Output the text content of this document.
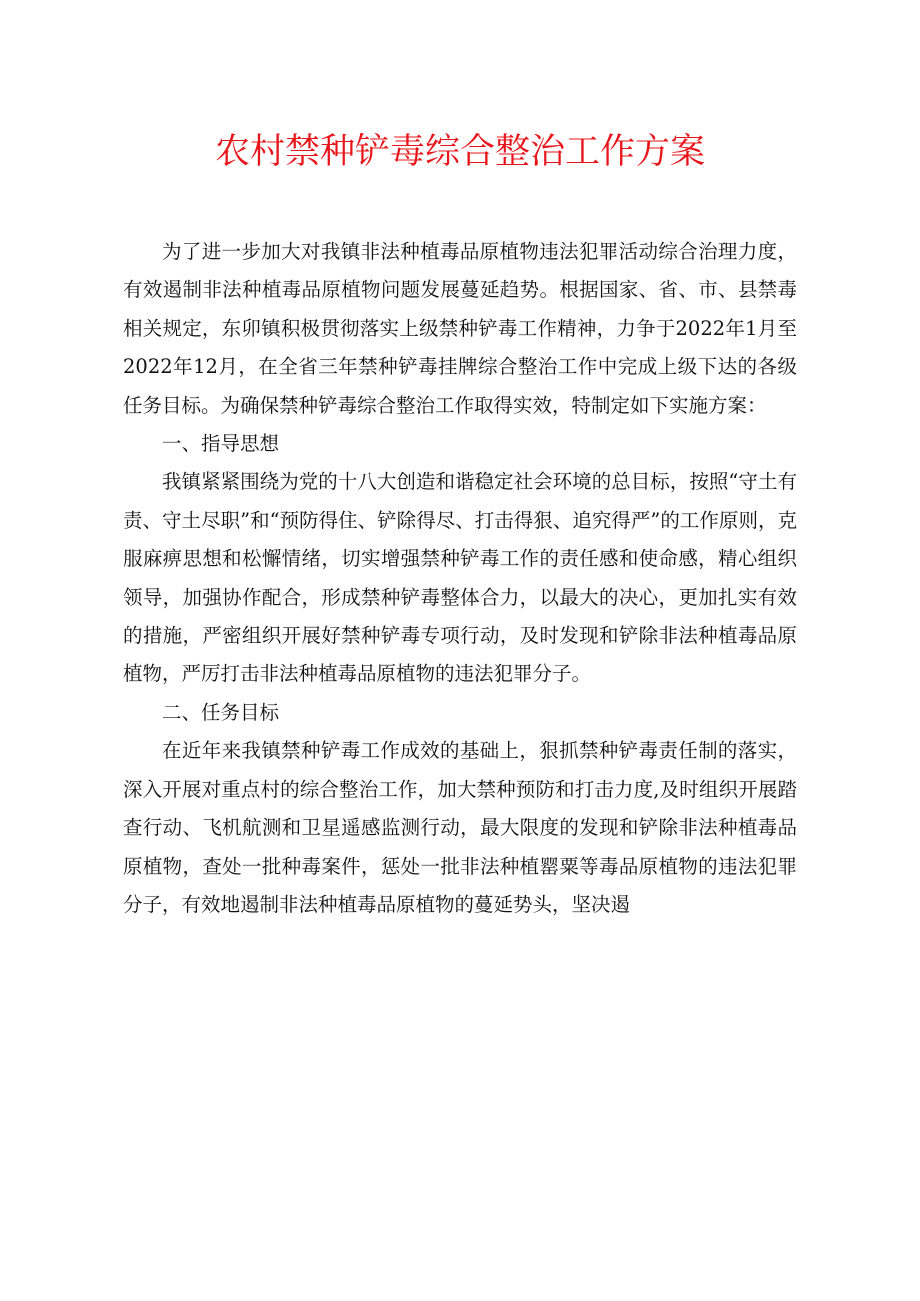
农村禁种铲毒综合整治工作方案

为了进一步加大对我镇非法种植毒品原植物违法犯罪活动综合治理力度，有效遏制非法种植毒品原植物问题发展蔓延趋势。根据国家、省、市、县禁毒相关规定，东卯镇积极贯彻落实上级禁种铲毒工作精神，力争于2022年1月至2022年12月，在全省三年禁种铲毒挂牌综合整治工作中完成上级下达的各级任务目标。为确保禁种铲毒综合整治工作取得实效，特制定如下实施方案：

一、指导思想

我镇紧紧围绕为党的十八大创造和谐稳定社会环境的总目标，按照“守土有责、守土尽职”和“预防得住、铲除得尽、打击得狠、追究得严”的工作原则，克服麻痹思想和松懈情绪，切实增强禁种铲毒工作的责任感和使命感，精心组织领导，加强协作配合，形成禁种铲毒整体合力，以最大的决心，更加扎实有效的措施，严密组织开展好禁种铲毒专项行动，及时发现和铲除非法种植毒品原植物，严厉打击非法种植毒品原植物的违法犯罪分子。

二、任务目标

在近年来我镇禁种铲毒工作成效的基础上，狠抓禁种铲毒责任制的落实，深入开展对重点村的综合整治工作，加大禁种预防和打击力度,及时组织开展踏查行动、飞机航测和卫星遥感监测行动，最大限度的发现和铲除非法种植毒品原植物，查处一批种毒案件，惩处一批非法种植罂粟等毒品原植物的违法犯罪分子，有效地遏制非法种植毒品原植物的蔓延势头，坚决遏
